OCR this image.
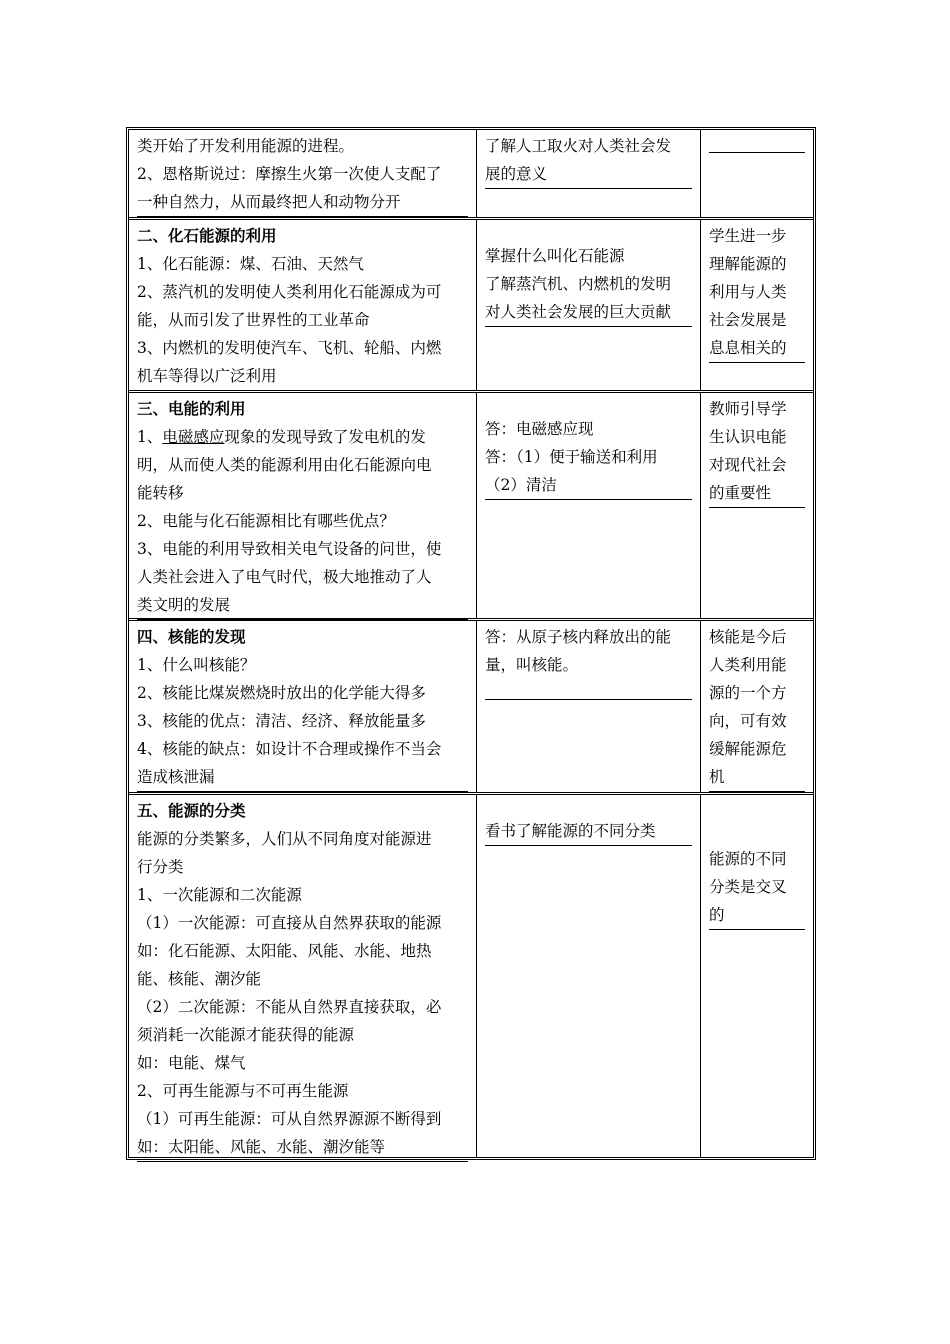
类开始了开发利用能源的进程。
2、恩格斯说过：摩擦生火第一次使人支配了
一种自然力，从而最终把人和动物分开
了解人工取火对人类社会发
展的意义
二、化石能源的利用
1、化石能源：煤、石油、天然气
2、蒸汽机的发明使人类利用化石能源成为可
能，从而引发了世界性的工业革命
3、内燃机的发明使汽车、飞机、轮船、内燃
机车等得以广泛利用
掌握什么叫化石能源
了解蒸汽机、内燃机的发明
对人类社会发展的巨大贡献
学生进一步
理解能源的
利用与人类
社会发展是
息息相关的
三、电能的利用
1、电磁感应现象的发现导致了发电机的发
明，从而使人类的能源利用由化石能源向电
能转移
2、电能与化石能源相比有哪些优点？
3、电能的利用导致相关电气设备的问世，使
人类社会进入了电气时代，极大地推动了人
类文明的发展
答：电磁感应现
答：（1）便于输送和利用
（2）清洁
教师引导学
生认识电能
对现代社会
的重要性
四、核能的发现
1、什么叫核能？
2、核能比煤炭燃烧时放出的化学能大得多
3、核能的优点：清洁、经济、释放能量多
4、核能的缺点：如设计不合理或操作不当会
造成核泄漏
答：从原子核内释放出的能
量，叫核能。
核能是今后
人类利用能
源的一个方
向，可有效
缓解能源危
机
五、能源的分类
能源的分类繁多，人们从不同角度对能源进
行分类
1、一次能源和二次能源
（1）一次能源：可直接从自然界获取的能源
如：化石能源、太阳能、风能、水能、地热
能、核能、潮汐能
（2）二次能源：不能从自然界直接获取，必
须消耗一次能源才能获得的能源
如：电能、煤气
2、可再生能源与不可再生能源
（1）可再生能源：可从自然界源源不断得到
如：太阳能、风能、水能、潮汐能等
看书了解能源的不同分类
能源的不同
分类是交叉
的
